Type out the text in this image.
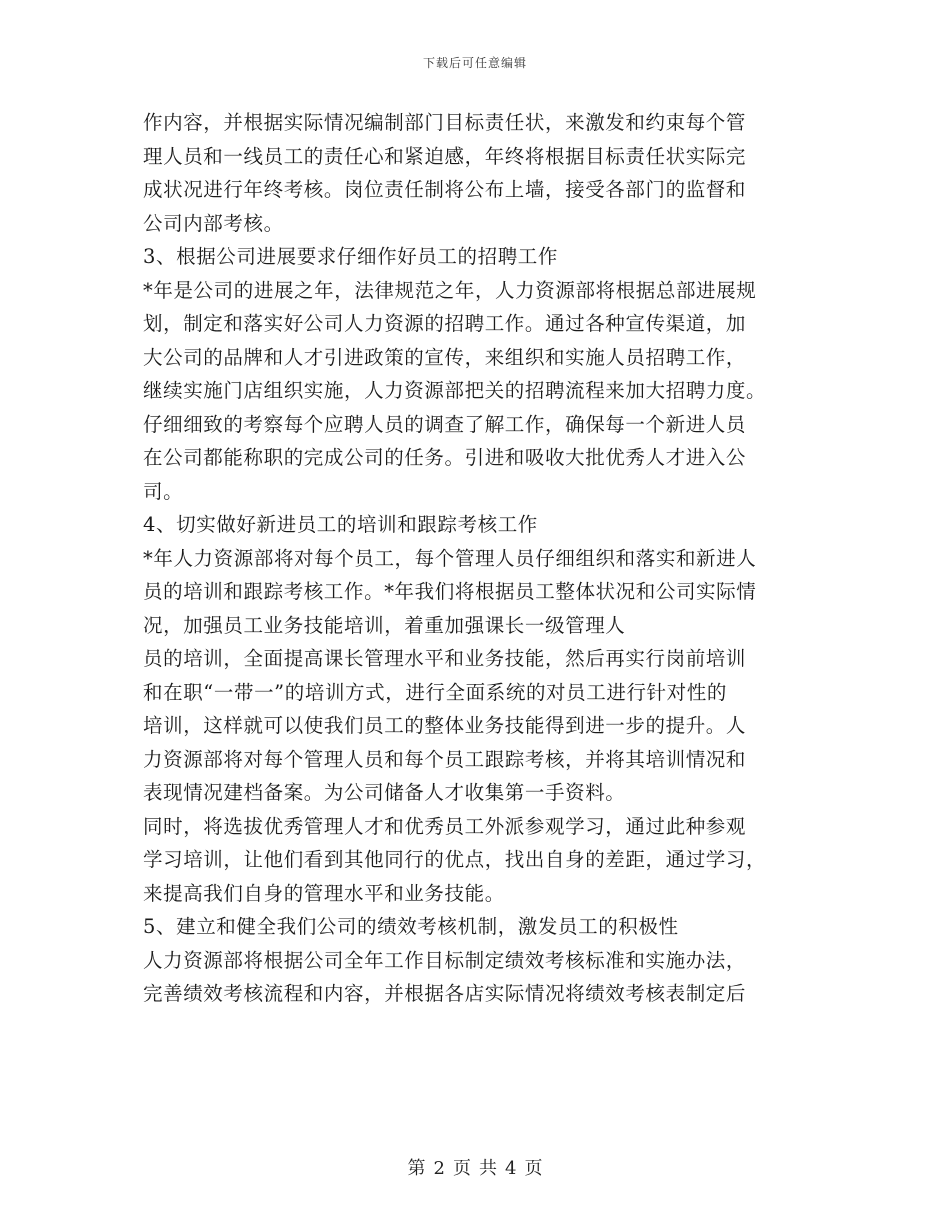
下载后可任意编辑
作内容，并根据实际情况编制部门目标责任状，来激发和约束每个管
理人员和一线员工的责任心和紧迫感，年终将根据目标责任状实际完
成状况进行年终考核。岗位责任制将公布上墙，接受各部门的监督和
公司内部考核。
3、根据公司进展要求仔细作好员工的招聘工作
*年是公司的进展之年，法律规范之年，人力资源部将根据总部进展规
划，制定和落实好公司人力资源的招聘工作。通过各种宣传渠道，加
大公司的品牌和人才引进政策的宣传，来组织和实施人员招聘工作，
继续实施门店组织实施，人力资源部把关的招聘流程来加大招聘力度。
仔细细致的考察每个应聘人员的调查了解工作，确保每一个新进人员
在公司都能称职的完成公司的任务。引进和吸收大批优秀人才进入公
司。
4、切实做好新进员工的培训和跟踪考核工作
*年人力资源部将对每个员工，每个管理人员仔细组织和落实和新进人
员的培训和跟踪考核工作。*年我们将根据员工整体状况和公司实际情
况，加强员工业务技能培训，着重加强课长一级管理人
员的培训，全面提高课长管理水平和业务技能，然后再实行岗前培训
和在职“一带一”的培训方式，进行全面系统的对员工进行针对性的
培训，这样就可以使我们员工的整体业务技能得到进一步的提升。人
力资源部将对每个管理人员和每个员工跟踪考核，并将其培训情况和
表现情况建档备案。为公司储备人才收集第一手资料。
同时，将选拔优秀管理人才和优秀员工外派参观学习，通过此种参观
学习培训，让他们看到其他同行的优点，找出自身的差距，通过学习，
来提高我们自身的管理水平和业务技能。
5、建立和健全我们公司的绩效考核机制，激发员工的积极性
人力资源部将根据公司全年工作目标制定绩效考核标准和实施办法，
完善绩效考核流程和内容，并根据各店实际情况将绩效考核表制定后
第 2 页 共 4 页
